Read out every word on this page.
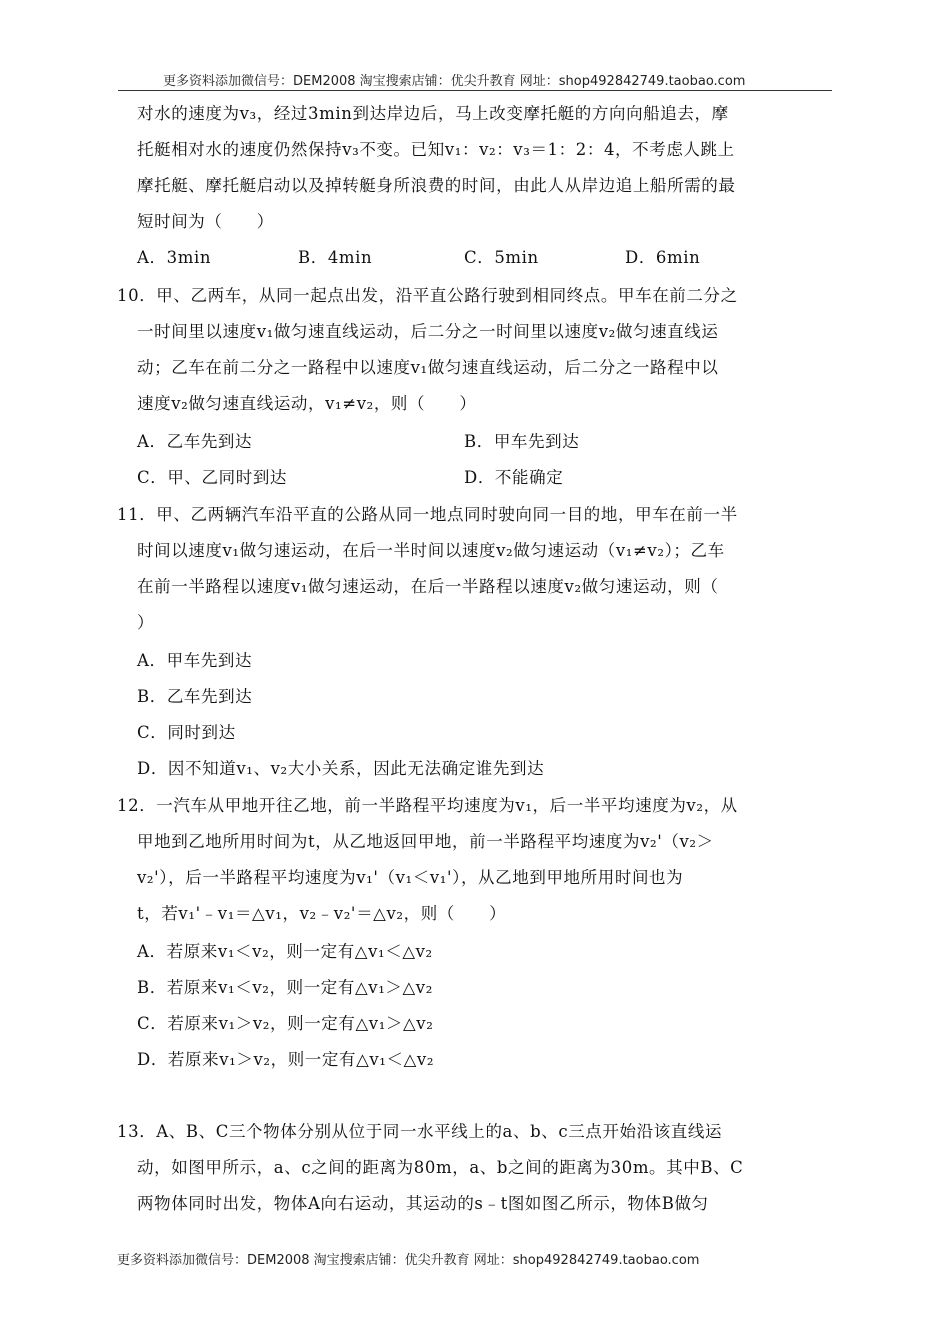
更多资料添加微信号：DEM2008 淘宝搜索店铺：优尖升教育 网址：shop492842749.taobao.com
对水的速度为v₃，经过3min到达岸边后，马上改变摩托艇的方向向船追去，摩
托艇相对水的速度仍然保持v₃不变。已知v₁：v₂：v₃＝1：2：4，不考虑人跳上
摩托艇、摩托艇启动以及掉转艇身所浪费的时间，由此人从岸边追上船所需的最
短时间为（　　）
A．3min	B．4min	C．5min	D．6min
10．甲、乙两车，从同一起点出发，沿平直公路行驶到相同终点。甲车在前二分之
一时间里以速度v₁做匀速直线运动，后二分之一时间里以速度v₂做匀速直线运
动；乙车在前二分之一路程中以速度v₁做匀速直线运动，后二分之一路程中以
速度v₂做匀速直线运动，v₁≠v₂，则（　　）
A．乙车先到达	B．甲车先到达
C．甲、乙同时到达	D．不能确定
11．甲、乙两辆汽车沿平直的公路从同一地点同时驶向同一目的地，甲车在前一半
时间以速度v₁做匀速运动，在后一半时间以速度v₂做匀速运动（v₁≠v₂）；乙车
在前一半路程以速度v₁做匀速运动，在后一半路程以速度v₂做匀速运动，则（
）
A．甲车先到达
B．乙车先到达
C．同时到达
D．因不知道v₁、v₂大小关系，因此无法确定谁先到达
12．一汽车从甲地开往乙地，前一半路程平均速度为v₁，后一半平均速度为v₂，从
甲地到乙地所用时间为t，从乙地返回甲地，前一半路程平均速度为v₂'（v₂＞
v₂'），后一半路程平均速度为v₁'（v₁＜v₁'），从乙地到甲地所用时间也为
t，若v₁'﹣v₁＝△v₁，v₂﹣v₂'＝△v₂，则（　　）
A．若原来v₁＜v₂，则一定有△v₁＜△v₂
B．若原来v₁＜v₂，则一定有△v₁＞△v₂
C．若原来v₁＞v₂，则一定有△v₁＞△v₂
D．若原来v₁＞v₂，则一定有△v₁＜△v₂
13．A、B、C三个物体分别从位于同一水平线上的a、b、c三点开始沿该直线运
动，如图甲所示，a、c之间的距离为80m，a、b之间的距离为30m。其中B、C
两物体同时出发，物体A向右运动，其运动的s﹣t图如图乙所示，物体B做匀
更多资料添加微信号：DEM2008 淘宝搜索店铺：优尖升教育 网址：shop492842749.taobao.com
